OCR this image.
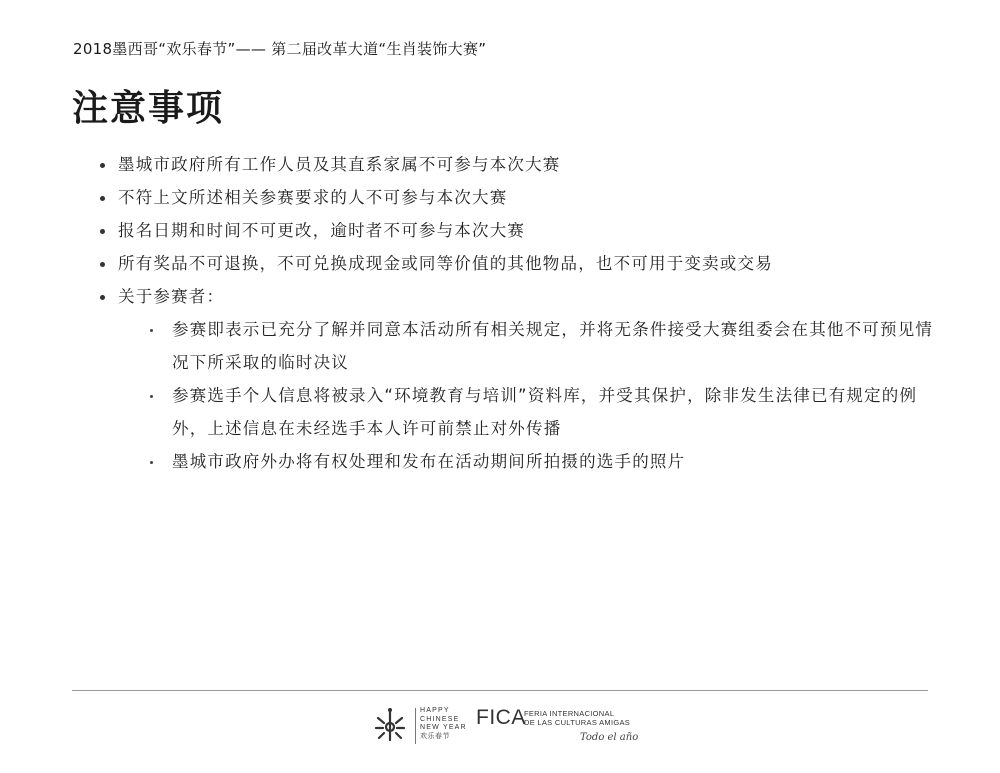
2018墨西哥“欢乐春节”—— 第二届改革大道“生肖装饰大赛”
注意事项
墨城市政府所有工作人员及其直系家属不可参与本次大赛
不符上文所述相关参赛要求的人不可参与本次大赛
报名日期和时间不可更改，逾时者不可参与本次大赛
所有奖品不可退换，不可兑换成现金或同等价值的其他物品，也不可用于变卖或交易
关于参赛者：
参赛即表示已充分了解并同意本活动所有相关规定，并将无条件接受大赛组委会在其他不可预见情况下所采取的临时决议
参赛选手个人信息将被录入“环境教育与培训”资料库，并受其保护，除非发生法律已有规定的例外，上述信息在未经选手本人许可前禁止对外传播
墨城市政府外办将有权处理和发布在活动期间所拍摄的选手的照片
HAPPY
CHINESE
NEW YEAR
欢乐春节
FICA
FERIA INTERNACIONAL
DE LAS CULTURAS AMIGAS
Todo el año
